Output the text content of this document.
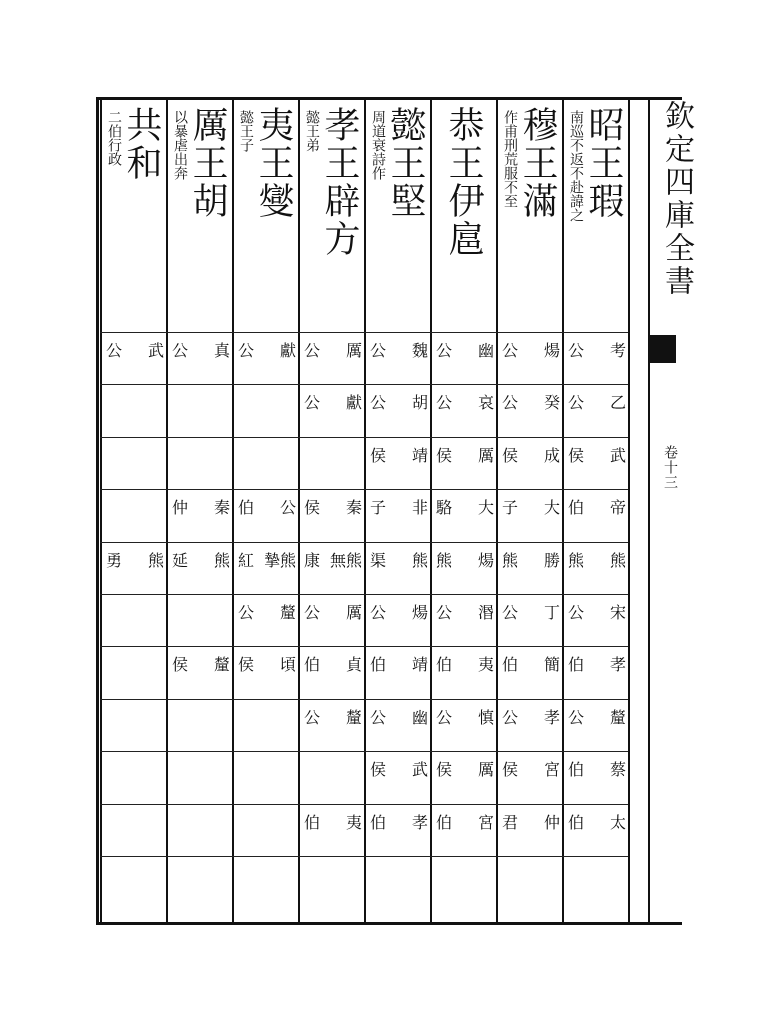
欽定四庫全書
卷十三
昭王瑕
南巡不返不赴諱之
公 考
公 乙
侯 武
伯 帝
熊 熊
公 宋
伯 孝
公 釐
伯 蔡
伯 太
穆王滿
作甫刑荒服不至
公 煬
公 癸
侯 成
子 大
熊 勝
公 丁
伯 簡
公 孝
侯 宮
君 仲
恭王伊扈
公 幽
公 哀
侯 厲
駱 大
熊 煬
公 湣
伯 夷
公 慎
侯 厲
伯 宮
懿王堅
周道衰詩作
公 魏
公 胡
侯 靖
子 非
渠 熊
公 煬
伯 靖
公 幽
侯 武
伯 孝
孝王辟方
懿王弟
公 厲
公 獻
侯 秦
康 無熊
公 厲
伯 貞
公 釐
伯 夷
夷王燮
懿王子
公 獻
伯 公
紅 摯熊
公 釐
侯 頃
厲王胡
以暴虐出奔
公 真
仲 秦
延 熊
侯 釐
共和
二伯行政
公 武
勇 熊
